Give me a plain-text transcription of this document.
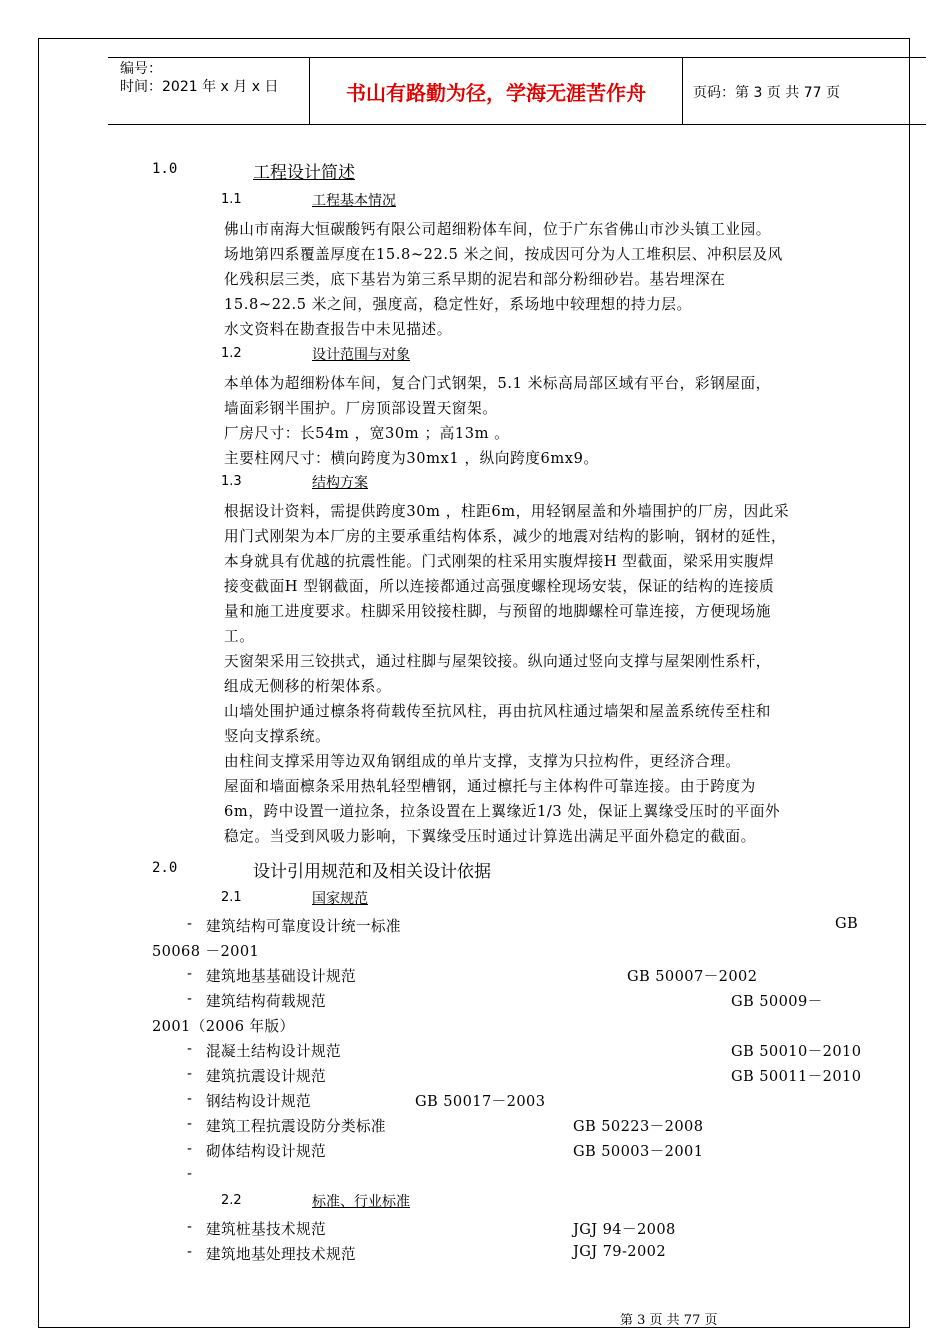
编号：
时间：2021 年 x 月 x 日	书山有路勤为径，学海无涯苦作舟	页码：第 3 页 共 77 页
1.0	工程设计简述
1.1	工程基本情况
佛山市南海大恒碳酸钙有限公司超细粉体车间，位于广东省佛山市沙头镇工业园。
场地第四系覆盖厚度在15.8~22.5 米之间，按成因可分为人工堆积层、冲积层及风
化残积层三类，底下基岩为第三系早期的泥岩和部分粉细砂岩。基岩埋深在
15.8~22.5 米之间，强度高，稳定性好，系场地中较理想的持力层。
水文资料在勘查报告中未见描述。
1.2	设计范围与对象
本单体为超细粉体车间，复合门式钢架，5.1 米标高局部区域有平台，彩钢屋面，
墙面彩钢半围护。厂房顶部设置天窗架。
厂房尺寸：长54m ，宽30m ；高13m 。
主要柱网尺寸：横向跨度为30mx1 ，纵向跨度6mx9。
1.3	结构方案
根据设计资料，需提供跨度30m ，柱距6m，用轻钢屋盖和外墙围护的厂房，因此采
用门式刚架为本厂房的主要承重结构体系，减少的地震对结构的影响，钢材的延性，
本身就具有优越的抗震性能。门式刚架的柱采用实腹焊接H 型截面，梁采用实腹焊
接变截面H 型钢截面，所以连接都通过高强度螺栓现场安装，保证的结构的连接质
量和施工进度要求。柱脚采用铰接柱脚，与预留的地脚螺栓可靠连接，方便现场施
工。
天窗架采用三铰拱式，通过柱脚与屋架铰接。纵向通过竖向支撑与屋架刚性系杆，
组成无侧移的桁架体系。
山墙处围护通过檩条将荷载传至抗风柱，再由抗风柱通过墙架和屋盖系统传至柱和
竖向支撑系统。
由柱间支撑采用等边双角钢组成的单片支撑，支撑为只拉构件，更经济合理。
屋面和墙面檩条采用热轧轻型槽钢，通过檩托与主体构件可靠连接。由于跨度为
6m，跨中设置一道拉条，拉条设置在上翼缘近1/3 处，保证上翼缘受压时的平面外
稳定。当受到风吸力影响，下翼缘受压时通过计算选出满足平面外稳定的截面。
2.0	设计引用规范和及相关设计依据
2.1	国家规范
- 建筑结构可靠度设计统一标准	GB
50068 －2001
- 建筑地基基础设计规范	GB 50007－2002
- 建筑结构荷载规范	GB 50009－
2001（2006 年版）
- 混凝土结构设计规范	GB 50010－2010
- 建筑抗震设计规范	GB 50011－2010
- 钢结构设计规范	GB 50017－2003
- 建筑工程抗震设防分类标准	GB 50223－2008
- 砌体结构设计规范	GB 50003－2001
-
2.2	标准、行业标准
- 建筑桩基技术规范	JGJ 94－2008
- 建筑地基处理技术规范	JGJ 79-2002
第 3 页 共 77 页
